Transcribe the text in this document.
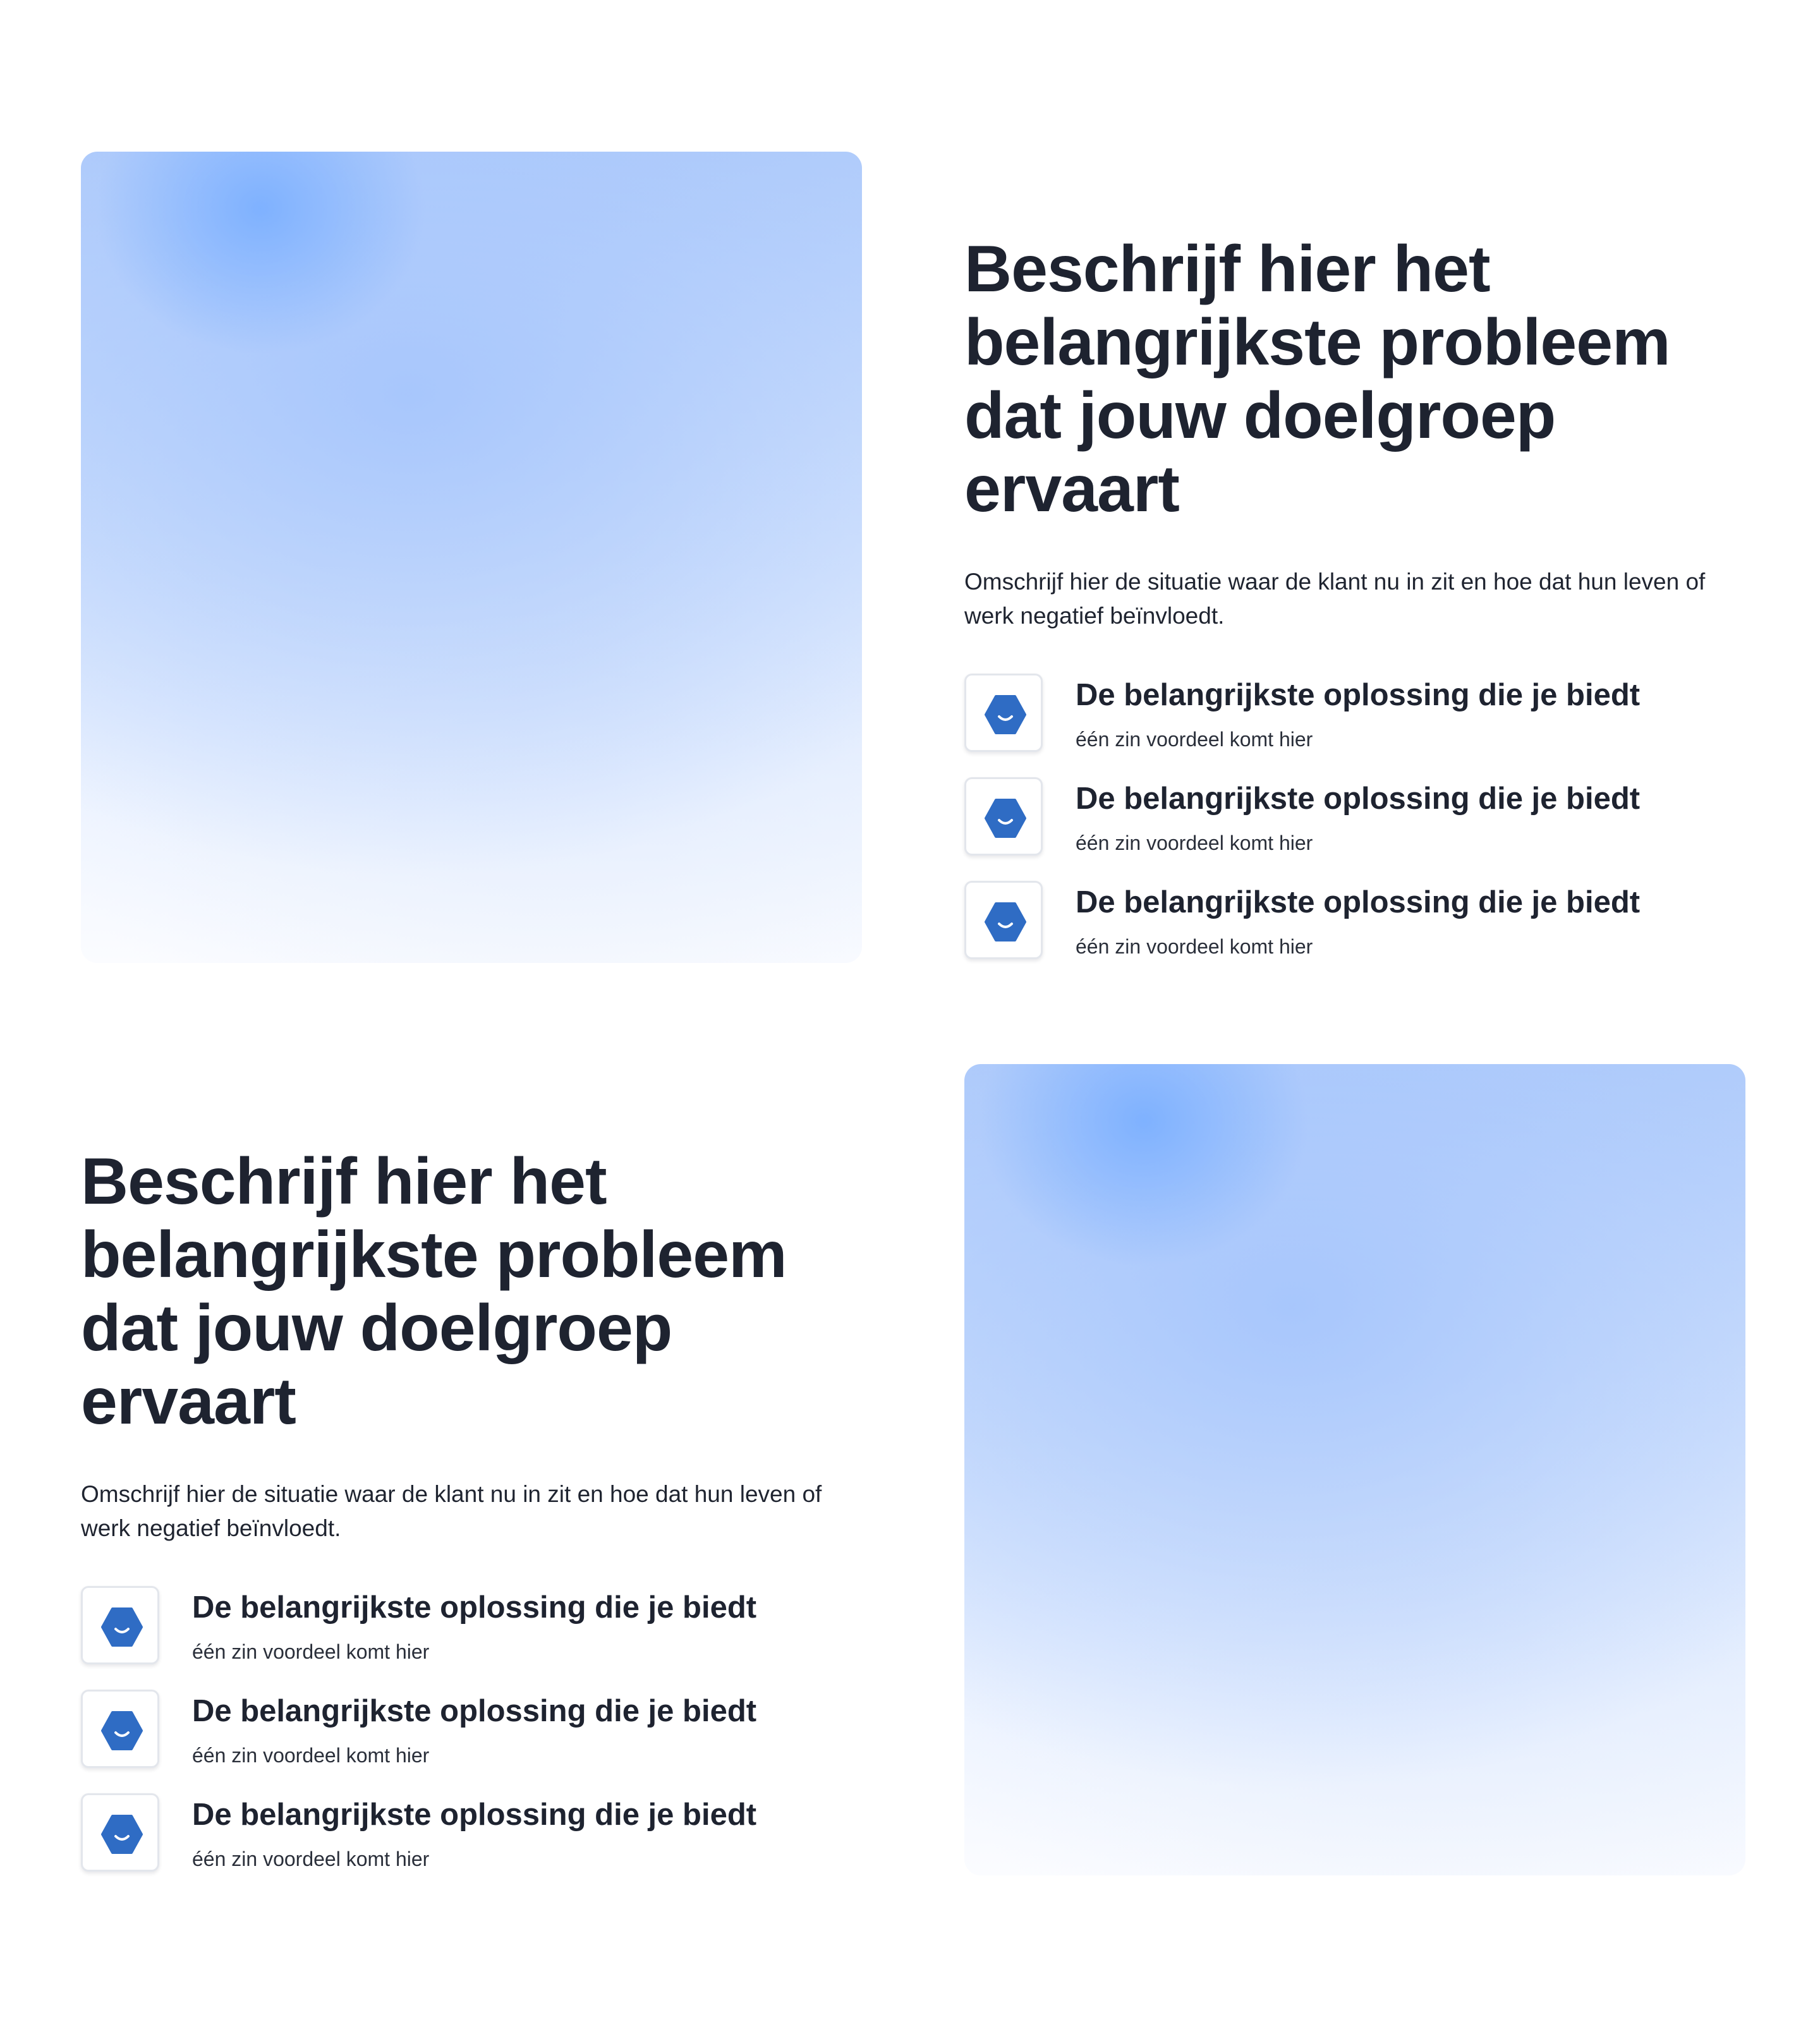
Beschrijf hier het belangrijkste probleem dat jouw doelgroep ervaart

Omschrijf hier de situatie waar de klant nu in zit en hoe dat hun leven of werk negatief beïnvloedt.

De belangrijkste oplossing die je biedt

één zin voordeel komt hier

De belangrijkste oplossing die je biedt

één zin voordeel komt hier

De belangrijkste oplossing die je biedt

één zin voordeel komt hier

Beschrijf hier het belangrijkste probleem dat jouw doelgroep ervaart

Omschrijf hier de situatie waar de klant nu in zit en hoe dat hun leven of werk negatief beïnvloedt.

De belangrijkste oplossing die je biedt

één zin voordeel komt hier

De belangrijkste oplossing die je biedt

één zin voordeel komt hier

De belangrijkste oplossing die je biedt

één zin voordeel komt hier
